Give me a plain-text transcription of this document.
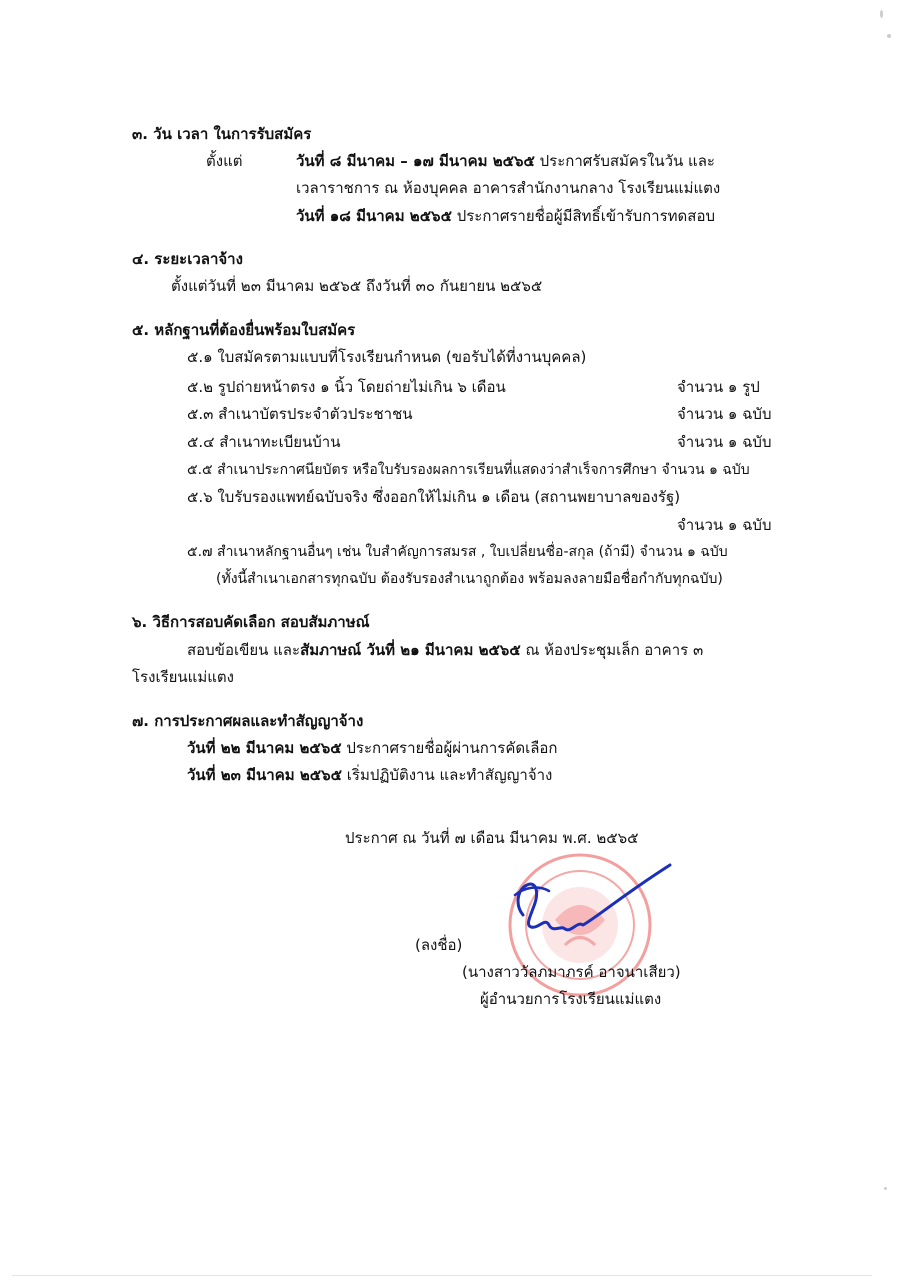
๓. วัน เวลา ในการรับสมัคร
ตั้งแต่	วันที่ ๘ มีนาคม – ๑๗ มีนาคม ๒๕๖๕ ประกาศรับสมัครในวัน และ
เวลาราชการ ณ ห้องบุคคล อาคารสำนักงานกลาง โรงเรียนแม่แตง
วันที่ ๑๘ มีนาคม ๒๕๖๕ ประกาศรายชื่อผู้มีสิทธิ์เข้ารับการทดสอบ
๔. ระยะเวลาจ้าง
ตั้งแต่วันที่ ๒๓ มีนาคม ๒๕๖๕ ถึงวันที่ ๓๐ กันยายน ๒๕๖๕
๕. หลักฐานที่ต้องยื่นพร้อมใบสมัคร
๕.๑ ใบสมัครตามแบบที่โรงเรียนกำหนด (ขอรับได้ที่งานบุคคล)
๕.๒ รูปถ่ายหน้าตรง ๑ นิ้ว โดยถ่ายไม่เกิน ๖ เดือน	จำนวน ๑ รูป
๕.๓ สำเนาบัตรประจำตัวประชาชน	จำนวน ๑ ฉบับ
๕.๔ สำเนาทะเบียนบ้าน	จำนวน ๑ ฉบับ
๕.๕ สำเนาประกาศนียบัตร หรือใบรับรองผลการเรียนที่แสดงว่าสำเร็จการศึกษา จำนวน ๑ ฉบับ
๕.๖ ใบรับรองแพทย์ฉบับจริง ซึ่งออกให้ไม่เกิน ๑ เดือน (สถานพยาบาลของรัฐ)
จำนวน ๑ ฉบับ
๕.๗ สำเนาหลักฐานอื่นๆ เช่น ใบสำคัญการสมรส , ใบเปลี่ยนชื่อ-สกุล (ถ้ามี) จำนวน ๑ ฉบับ
(ทั้งนี้สำเนาเอกสารทุกฉบับ ต้องรับรองสำเนาถูกต้อง พร้อมลงลายมือชื่อกำกับทุกฉบับ)
๖. วิธีการสอบคัดเลือก สอบสัมภาษณ์
สอบข้อเขียน และสัมภาษณ์ วันที่ ๒๑ มีนาคม ๒๕๖๕ ณ ห้องประชุมเล็ก อาคาร ๓
โรงเรียนแม่แตง
๗. การประกาศผลและทำสัญญาจ้าง
วันที่ ๒๒ มีนาคม ๒๕๖๕ ประกาศรายชื่อผู้ผ่านการคัดเลือก
วันที่ ๒๓ มีนาคม ๒๕๖๕ เริ่มปฏิบัติงาน และทำสัญญาจ้าง
ประกาศ ณ วันที่ ๗ เดือน มีนาคม พ.ศ. ๒๕๖๕
(ลงชื่อ)
(นางสาววัลภมาภรค์ อาจนาเสียว)
ผู้อำนวยการโรงเรียนแม่แตง
